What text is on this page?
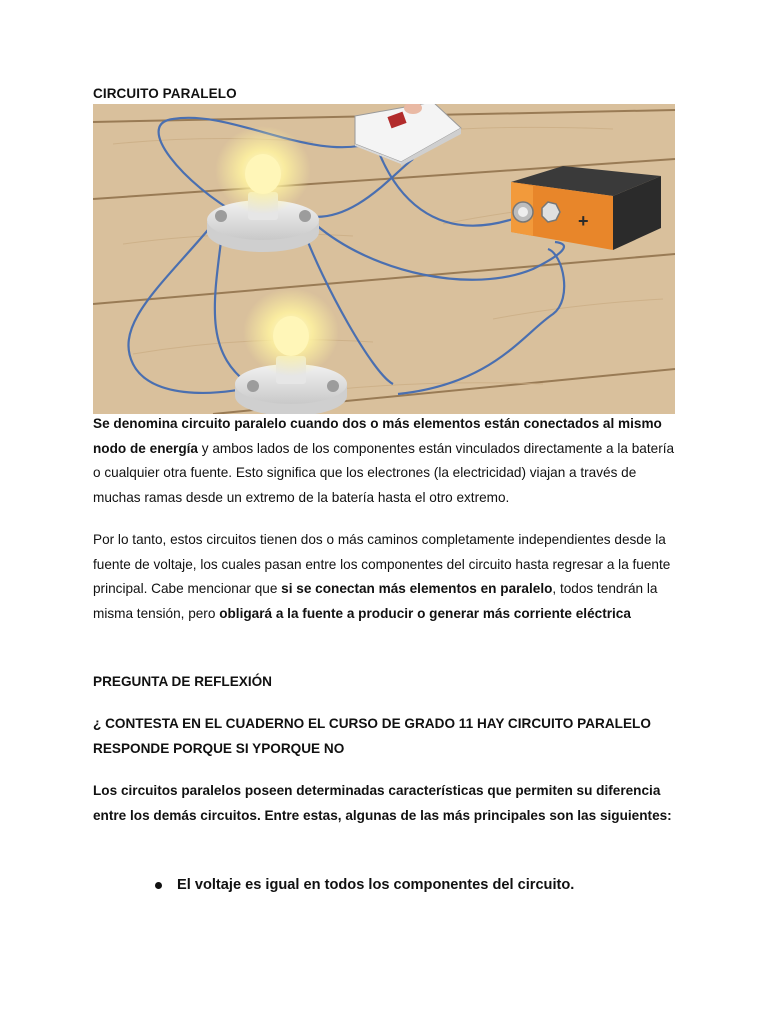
CIRCUITO PARALELO
+

Se denomina circuito paralelo cuando dos o más elementos están conectados al mismo nodo de energía y ambos lados de los componentes están vinculados directamente a la batería o cualquier otra fuente. Esto significa que los electrones (la electricidad) viajan a través de muchas ramas desde un extremo de la batería hasta el otro extremo.

Por lo tanto, estos circuitos tienen dos o más caminos completamente independientes desde la fuente de voltaje, los cuales pasan entre los componentes del circuito hasta regresar a la fuente principal. Cabe mencionar que si se conectan más elementos en paralelo, todos tendrán la misma tensión, pero obligará a la fuente a producir o generar más corriente eléctrica

PREGUNTA DE REFLEXIÓN
¿ CONTESTA EN EL CUADERNO EL CURSO DE GRADO 11 HAY CIRCUITO PARALELO RESPONDE PORQUE SI YPORQUE NO
Los circuitos paralelos poseen determinadas características que permiten su diferencia entre los demás circuitos. Entre estas, algunas de las más principales son las siguientes:
El voltaje es igual en todos los componentes del circuito.
